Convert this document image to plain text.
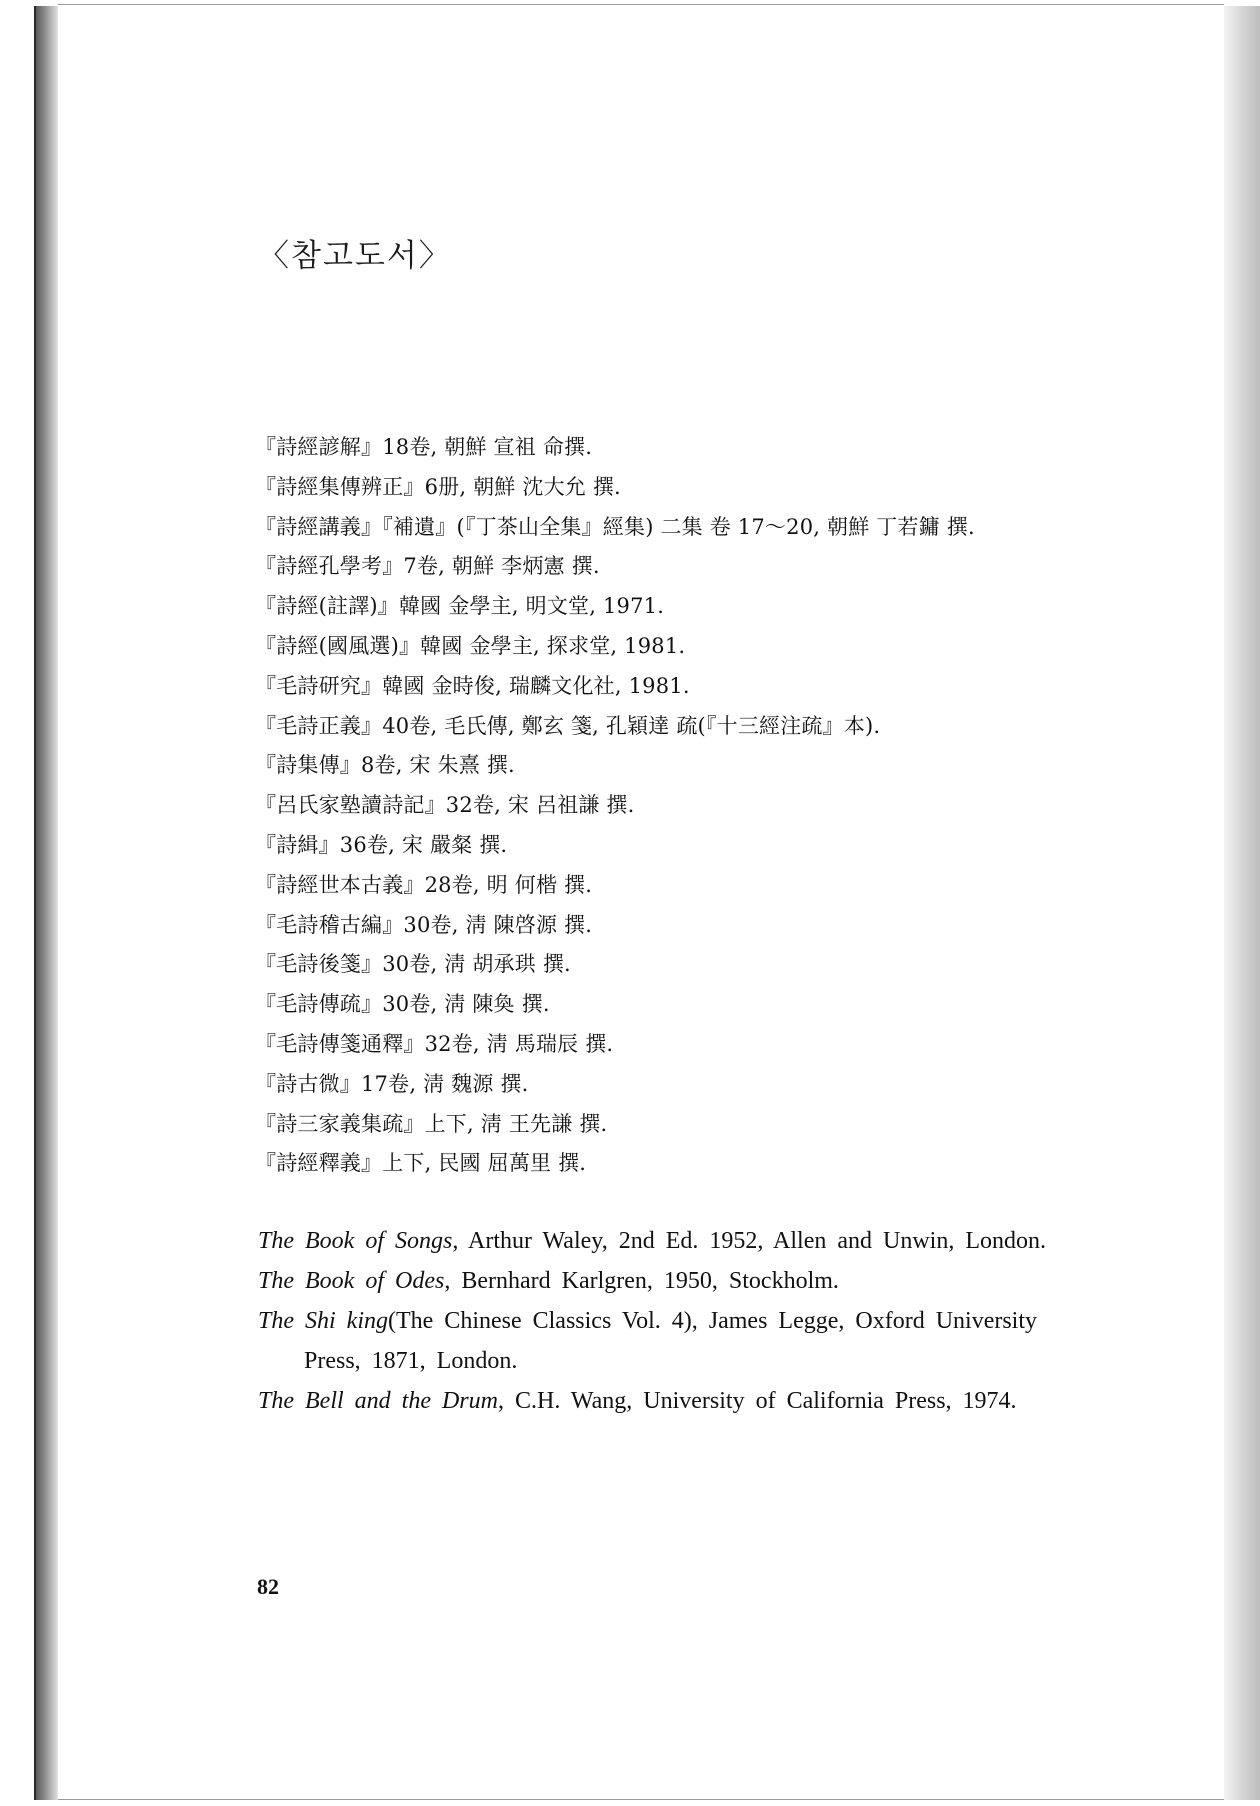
〈참고도서〉
『詩經諺解』18卷, 朝鮮 宣祖 命撰.
『詩經集傳辨正』6册, 朝鮮 沈大允 撰.
『詩經講義』『補遺』(『丁茶山全集』經集) 二集 卷 17～20, 朝鮮 丁若鏞 撰.
『詩經孔學考』7卷, 朝鮮 李炳憲 撰.
『詩經(註譯)』韓國 金學主, 明文堂, 1971.
『詩經(國風選)』韓國 金學主, 探求堂, 1981.
『毛詩研究』韓國 金時俊, 瑞麟文化社, 1981.
『毛詩正義』40卷, 毛氏傳, 鄭玄 箋, 孔穎達 疏(『十三經注疏』本).
『詩集傳』8卷, 宋 朱熹 撰.
『呂氏家塾讀詩記』32卷, 宋 呂祖謙 撰.
『詩緝』36卷, 宋 嚴粲 撰.
『詩經世本古義』28卷, 明 何楷 撰.
『毛詩稽古編』30卷, 淸 陳啓源 撰.
『毛詩後箋』30卷, 淸 胡承珙 撰.
『毛詩傳疏』30卷, 淸 陳奐 撰.
『毛詩傳箋通釋』32卷, 淸 馬瑞辰 撰.
『詩古微』17卷, 淸 魏源 撰.
『詩三家義集疏』上下, 淸 王先謙 撰.
『詩經釋義』上下, 民國 屈萬里 撰.
The Book of Songs, Arthur Waley, 2nd Ed. 1952, Allen and Unwin, London.
The Book of Odes, Bernhard Karlgren, 1950, Stockholm.
The Shi king(The Chinese Classics Vol. 4), James Legge, Oxford University Press, 1871, London.
The Bell and the Drum, C.H. Wang, University of California Press, 1974.
82
